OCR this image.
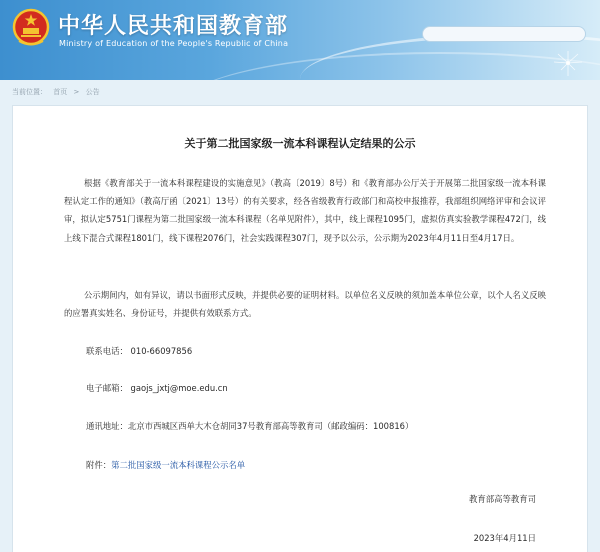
中华人民共和国教育部
Ministry of Education of the People's Republic of China
当前位置： 首页 > 公告
关于第二批国家级一流本科课程认定结果的公示

根据《教育部关于一流本科课程建设的实施意见》（教高〔2019〕8号）和《教育部办公厅关于开展第二批国家级一流本科课程认定工作的通知》（教高厅函〔2021〕13号）的有关要求，经各省级教育行政部门和高校申报推荐，我部组织网络评审和会议评审，拟认定5751门课程为第二批国家级一流本科课程（名单见附件），其中，线上课程1095门，虚拟仿真实验教学课程472门，线上线下混合式课程1801门，线下课程2076门，社会实践课程307门，现予以公示，公示期为2023年4月11日至4月17日。

公示期间内，如有异议，请以书面形式反映，并提供必要的证明材料。以单位名义反映的须加盖本单位公章，以个人名义反映的应署真实姓名、身份证号，并提供有效联系方式。

联系电话： 010-66097856
电子邮箱： gaojs_jxtj@moe.edu.cn
通讯地址：北京市西城区西单大木仓胡同37号教育部高等教育司（邮政编码：100816）
附件：第二批国家级一流本科课程公示名单
教育部高等教育司
2023年4月11日
